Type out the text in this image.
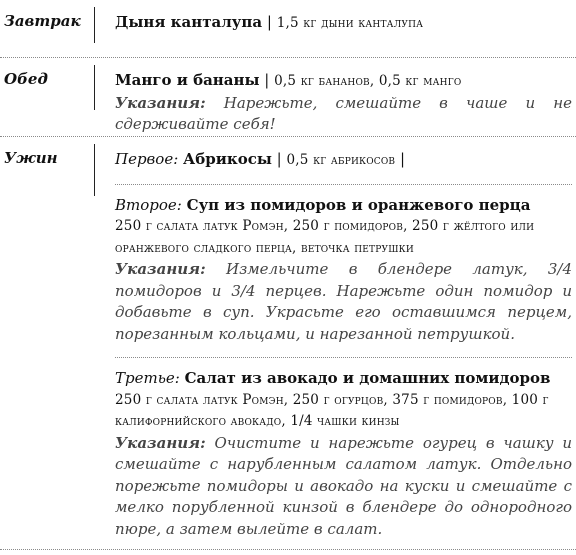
Завтрак	Дыня канталупа | 1,5 кг дыни канталупа
Обед	Манго и бананы | 0,5 кг бананов, 0,5 кг манго
Указания: Нарежьте, смешайте в чаше и не сдерживайте себя!
Ужин	Первое: Абрикосы | 0,5 кг абрикосов |
Второе: Суп из помидоров и оранжевого перца
250 г салата латук Ромэн, 250 г помидоров, 250 г жёлтого или оранжевого сладкого перца, веточка петрушки
Указания: Измельчите в блендере латук, 3/4 помидоров и 3/4 перцев. Нарежьте один помидор и добавьте в суп. Украсьте его оставшимся перцем, порезанным кольцами, и нарезанной петрушкой.
Третье: Салат из авокадо и домашних помидоров
250 г салата латук Ромэн, 250 г огурцов, 375 г помидоров, 100 г калифорнийского авокадо, 1/4 чашки кинзы
Указания: Очистите и нарежьте огурец в чашку и смешайте с нарубленным салатом латук. Отдельно порежьте помидоры и авокадо на куски и смешайте с мелко порубленной кинзой в блендере до однородного пюре, а затем вылейте в салат.
